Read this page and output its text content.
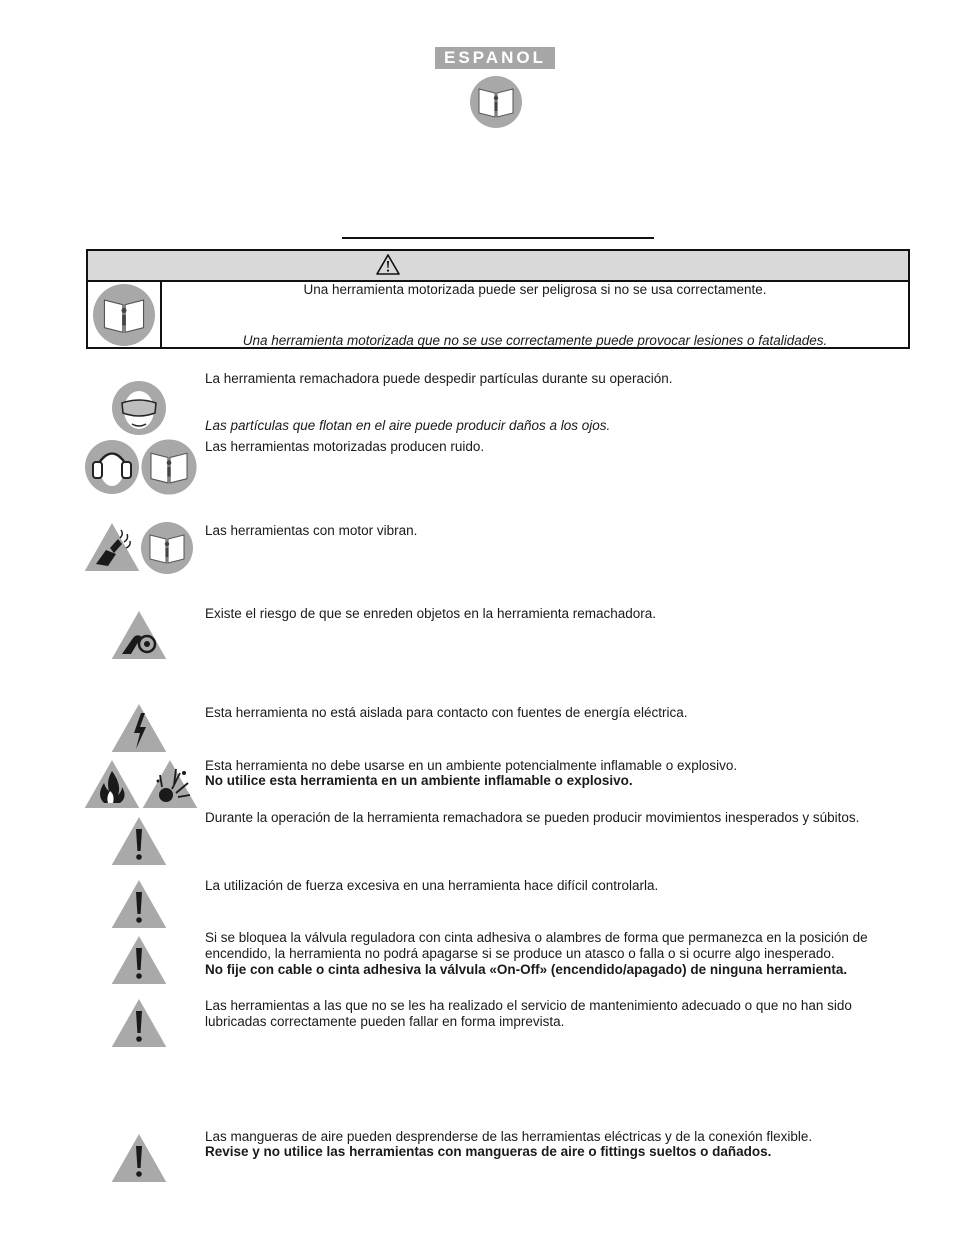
ESPANOL
Una herramienta motorizada puede ser peligrosa si no se usa correctamente.
Una herramienta motorizada que no se use correctamente puede provocar lesiones o fatalidades.
La herramienta remachadora puede despedir partículas durante su operación.
Las partículas que flotan en el aire puede producir daños a los ojos.
Las herramientas motorizadas producen ruido.
Las herramientas con motor vibran.
Existe el riesgo de que se enreden objetos en la herramienta remachadora.
Esta herramienta no está aislada para contacto con fuentes de energía eléctrica.
Esta herramienta no debe usarse en un ambiente potencialmente inflamable o explosivo.
No utilice esta herramienta en un ambiente inflamable o explosivo.
Durante la operación de la herramienta remachadora se pueden producir movimientos inesperados y súbitos.
La utilización de fuerza excesiva en una herramienta hace difícil controlarla.
Si se bloquea la válvula reguladora con cinta adhesiva o alambres de forma que permanezca en la posición de
encendido, la herramienta no podrá apagarse si se produce un atasco o falla o si ocurre algo inesperado.
No fije con cable o cinta adhesiva la válvula «On-Off» (encendido/apagado) de ninguna herramienta.
Las herramientas a las que no se les ha realizado el servicio de mantenimiento adecuado o que no han sido
lubricadas correctamente pueden fallar en forma imprevista.
Las mangueras de aire pueden desprenderse de las herramientas eléctricas y de la conexión flexible.
Revise y no utilice las herramientas con mangueras de aire o fittings sueltos o dañados.
